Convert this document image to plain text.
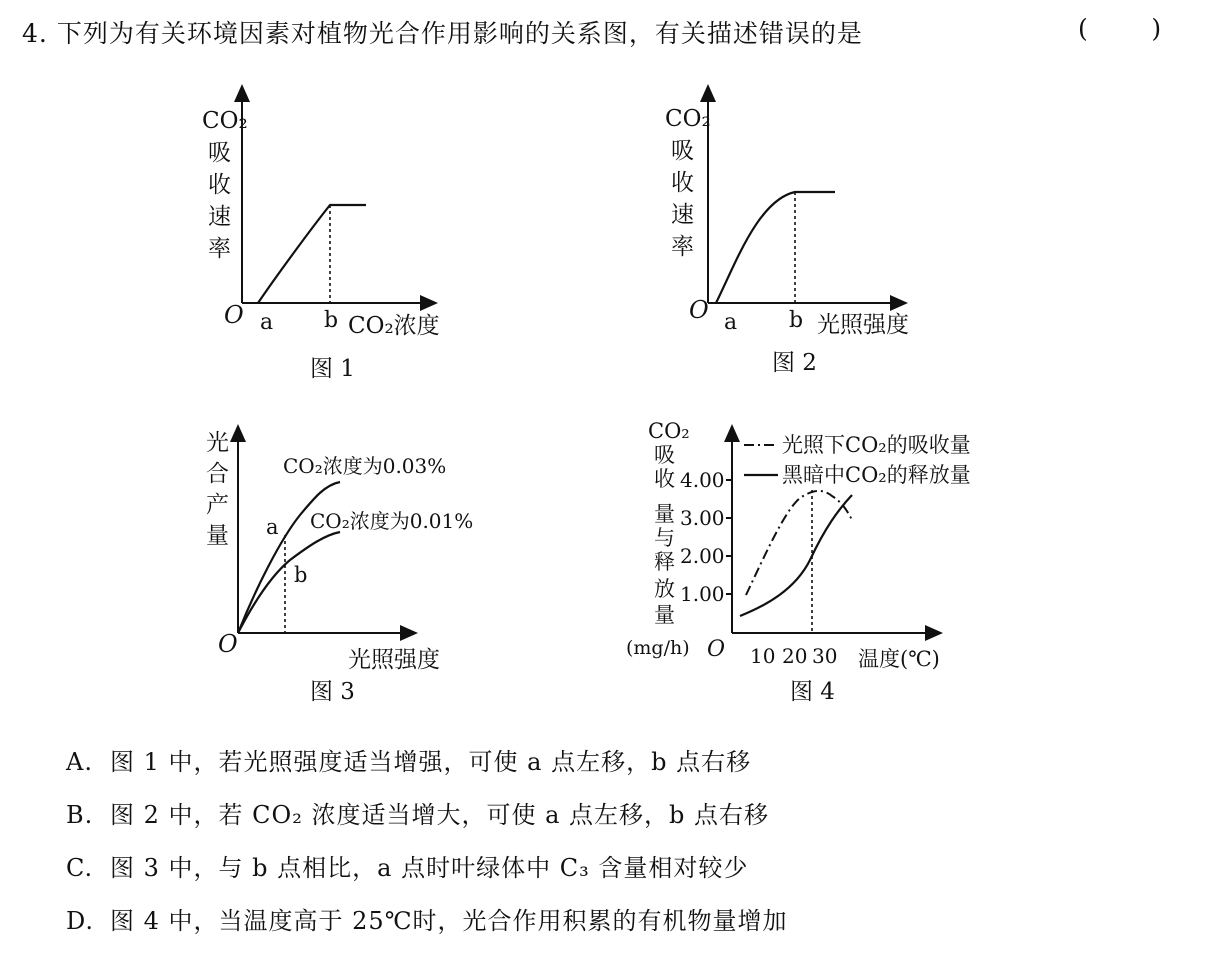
4. 下列为有关环境因素对植物光合作用影响的关系图，有关描述错误的是	(        )
CO₂
吸
收
速
率
O a b CO₂浓度
图 1
CO₂
吸
收
速
率
O a b 光照强度
图 2
光
合
产
量
CO₂浓度为0.03%
CO₂浓度为0.01%
a
b
O
光照强度
图 3
CO₂
吸
收
量
与
释
放
量
(mg/h)
4.00
3.00
2.00
1.00
O 10 20 30 温度(℃)
光照下CO₂的吸收量
黑暗中CO₂的释放量
图 4
A. 图 1 中，若光照强度适当增强，可使 a 点左移，b 点右移
B. 图 2 中，若 CO₂ 浓度适当增大，可使 a 点左移，b 点右移
C. 图 3 中，与 b 点相比，a 点时叶绿体中 C₃ 含量相对较少
D. 图 4 中，当温度高于 25℃时，光合作用积累的有机物量增加
